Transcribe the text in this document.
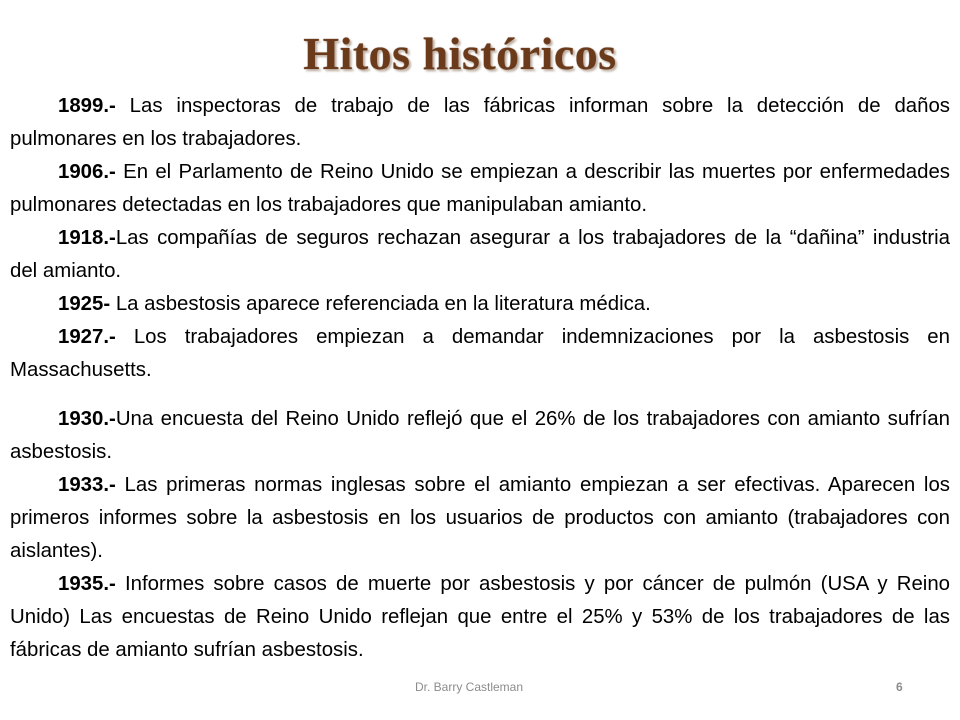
Hitos históricos

1899.- Las inspectoras de trabajo de las fábricas informan sobre la detección de daños pulmonares en los trabajadores.

1906.- En el Parlamento de Reino Unido se empiezan a describir las muertes por enfermedades pulmonares detectadas en los trabajadores que manipulaban amianto.

1918.-Las compañías de seguros rechazan asegurar a los trabajadores de la “dañina” industria del amianto.

1925- La asbestosis aparece referenciada en la literatura médica.

1927.- Los trabajadores empiezan a demandar indemnizaciones por la asbestosis en Massachusetts.

1930.-Una encuesta del Reino Unido reflejó que el 26% de los trabajadores con amianto sufrían asbestosis.

1933.- Las primeras normas inglesas sobre el amianto empiezan a ser efectivas. Aparecen los primeros informes sobre la asbestosis en los usuarios de productos con amianto (trabajadores con aislantes).

1935.- Informes sobre casos de muerte por asbestosis y por cáncer de pulmón (USA y Reino Unido) Las encuestas de Reino Unido reflejan que entre el 25% y 53% de los trabajadores de las fábricas de amianto sufrían asbestosis.

Dr. Barry Castleman	6
